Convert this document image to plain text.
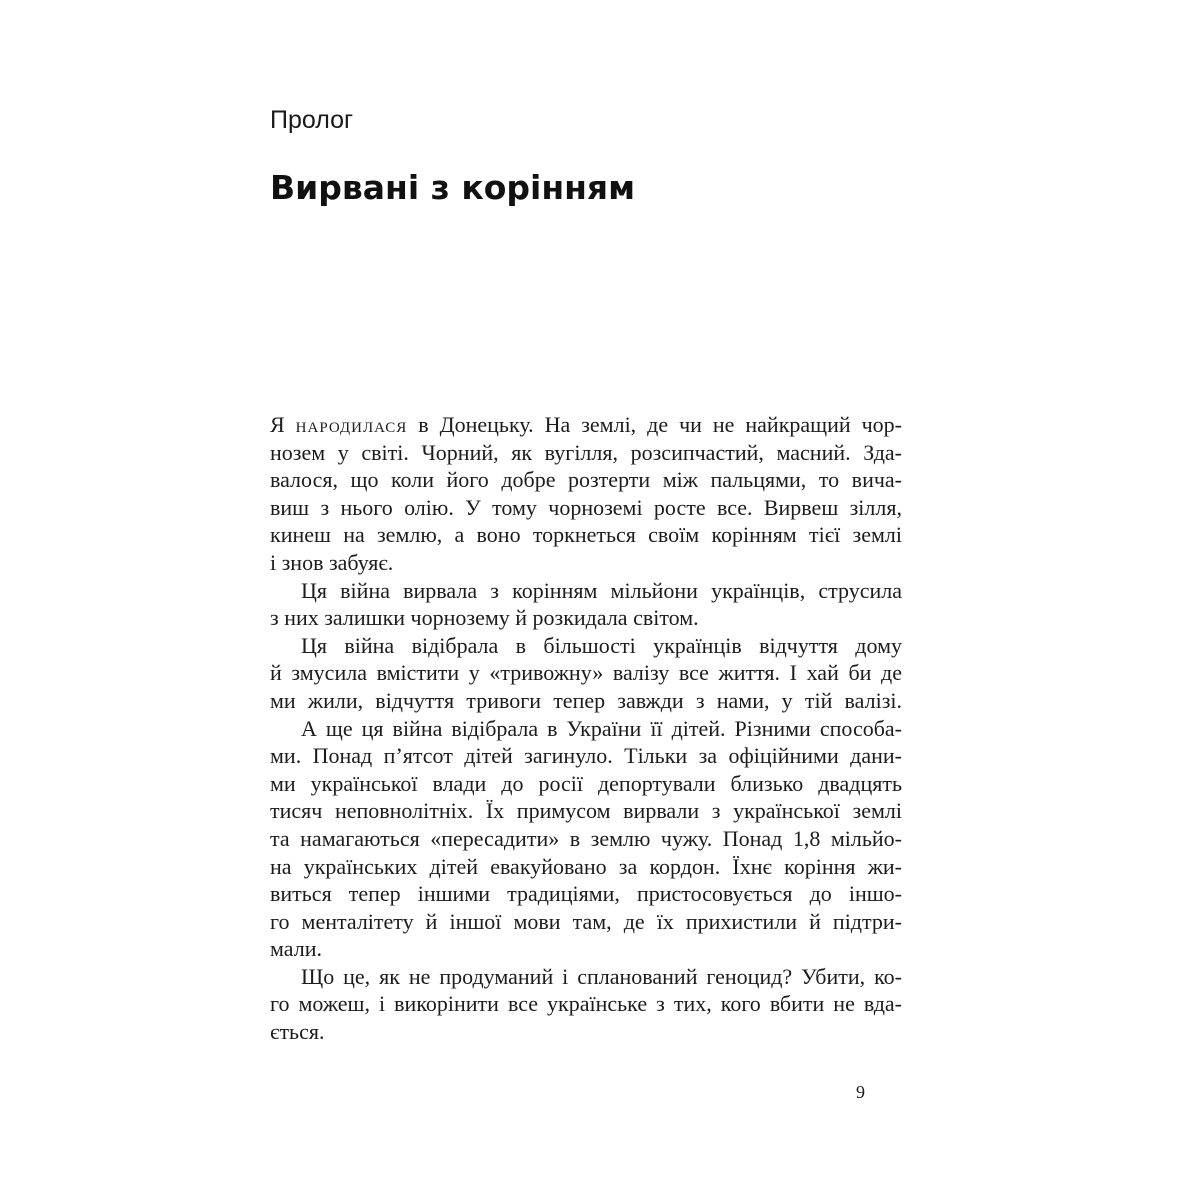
Пролог

Вирвані з корінням
Я народилася в Донецьку. На землі, де чи не найкращий чор-
нозем у світі. Чорний, як вугілля, розсипчастий, масний. Зда-
валося, що коли його добре розтерти між пальцями, то вичa-
виш з нього олію. У тому чорноземі росте все. Вирвеш зілля,
кинеш на землю, а воно торкнеться своїм корінням тієї землі
і знов забуяє.
Ця війна вирвала з корінням мільйони українців, струсила
з них залишки чорнозему й розкидала світом.
Ця війна відібрала в більшості українців відчуття дому
й змусила вмістити у «тривожну» валізу все життя. І хай би де
ми жили, відчуття тривоги тепер завжди з нами, у тій валізі.
А ще ця війна відібрала в України її дітей. Різними способа-
ми. Понад п’ятсот дітей загинуло. Тільки за офіційними дани-
ми української влади до росії депортували близько двадцять
тисяч неповнолітніх. Їх примусом вирвали з української землі
та намагаються «пересадити» в землю чужу. Понад 1,8 мільйо-
на українських дітей евакуйовано за кордон. Їхнє коріння жи-
виться тепер іншими традиціями, пристосовується до іншо-
го менталітету й іншої мови там, де їх прихистили й підтри-
мали.
Що це, як не продуманий і спланований геноцид? Убити, ко-
го можеш, і викорінити все українське з тих, кого вбити не вда-
ється.
9
